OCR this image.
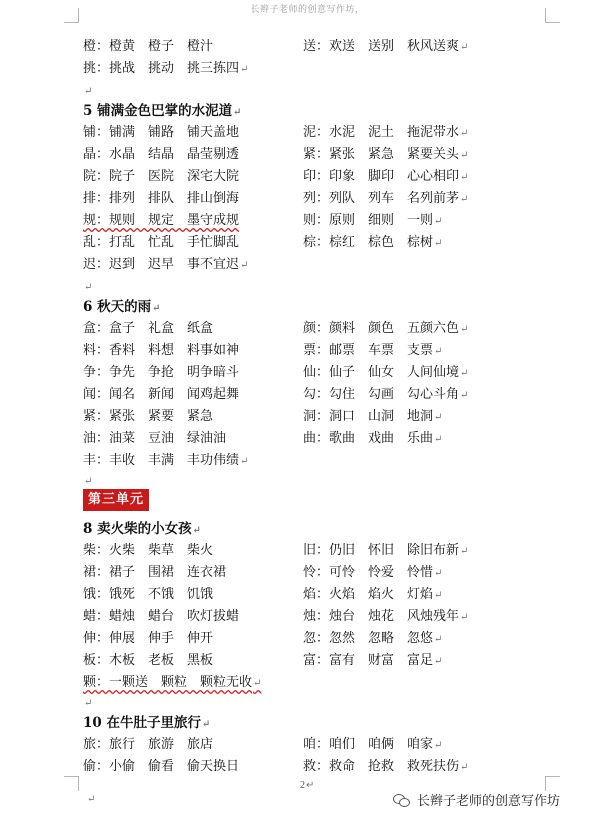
长辫子老师的创意写作坊，
橙：橙黄　橙子　橙汁	送：欢送　送别　秋风送爽↵
挑：挑战　挑动　挑三拣四↵
↵
5 铺满金色巴掌的水泥道↵
铺：铺满　铺路　铺天盖地	泥：水泥　泥土　拖泥带水↵
晶：水晶　结晶　晶莹剔透	紧：紧张　紧急　紧要关头↵
院：院子　医院　深宅大院	印：印象　脚印　心心相印↵
排：排列　排队　排山倒海	列：列队　列车　名列前茅↵
规：规则　规定　墨守成规	则：原则　细则　一则↵
乱：打乱　忙乱　手忙脚乱	棕：棕红　棕色　棕树↵
迟：迟到　迟早　事不宜迟↵
↵
6 秋天的雨↵
盒：盒子　礼盒　纸盒	颜：颜料　颜色　五颜六色↵
料：香料　料想　料事如神	票：邮票　车票　支票↵
争：争先　争抢　明争暗斗	仙：仙子　仙女　人间仙境↵
闻：闻名　新闻　闻鸡起舞	勾：勾住　勾画　勾心斗角↵
紧：紧张　紧要　紧急	洞：洞口　山洞　地洞↵
油：油菜　豆油　绿油油	曲：歌曲　戏曲　乐曲↵
丰：丰收　丰满　丰功伟绩↵
↵
第三单元
8 卖火柴的小女孩↵
柴：火柴　柴草　柴火	旧：仍旧　怀旧　除旧布新↵
裙：裙子　围裙　连衣裙	怜：可怜　怜爱　怜惜↵
饿：饿死　不饿　饥饿	焰：火焰　焰火　灯焰↵
蜡：蜡烛　蜡台　吹灯拔蜡	烛：烛台　烛花　风烛残年↵
伸：伸展　伸手　伸开	忽：忽然　忽略　忽悠↵
板：木板　老板　黑板	富：富有　财富　富足↵
颗：一颗送　颗粒　颗粒无收↵
↵
10 在牛肚子里旅行↵
旅：旅行　旅游　旅店	咱：咱们　咱俩　咱家↵
偷：小偷　偷看　偷天换日	救：救命　抢救　救死扶伤↵
2↵
↵	长辫子老师的创意写作坊
